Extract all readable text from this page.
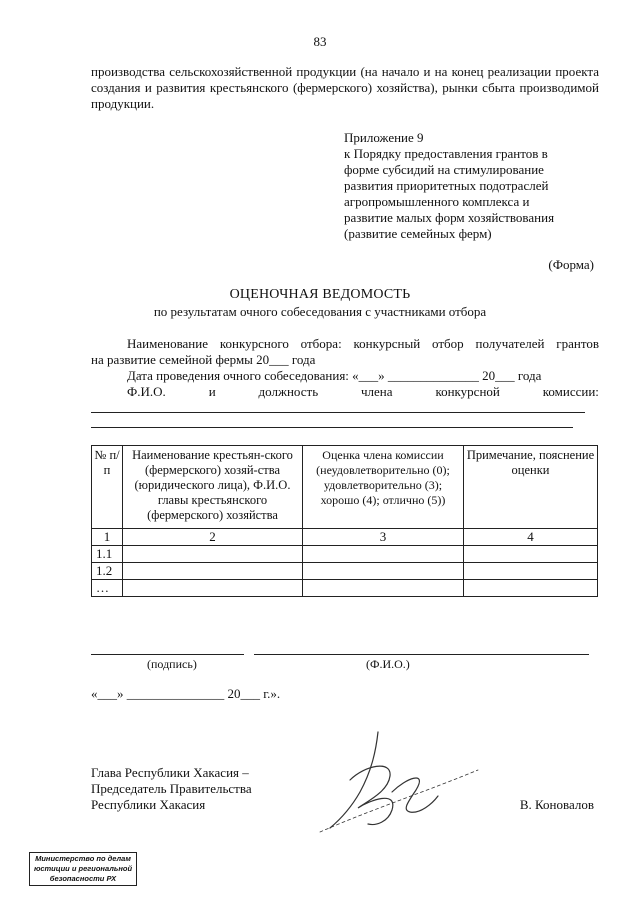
83
производства сельскохозяйственной продукции (на начало и на конец реализации проекта создания и развития крестьянского (фермерского) хозяйства), рынки сбыта производимой продукции.
Приложение 9
к Порядку предоставления грантов в
форме субсидий на стимулирование
развития приоритетных подотраслей
агропромышленного комплекса и
развитие малых форм хозяйствования
(развитие семейных ферм)
(Форма)
ОЦЕНОЧНАЯ ВЕДОМОСТЬ
по результатам очного собеседования с участниками отбора
Наименование конкурсного отбора: конкурсный отбор получателей грантов
на развитие семейной фермы 20___ года
Дата проведения очного собеседования: «___» ______________ 20___ года
Ф.И.О.	и	должность	члена	конкурсной	комиссии:
№ п/п	Наименование крестьян-ского (фермерского) хозяй-ства (юридического лица), Ф.И.О. главы крестьянского (фермерского) хозяйства	Оценка члена комиссии (неудовлетворительно (0); удовлетворительно (3); хорошо (4); отлично (5))	Примечание, пояснение оценки
1	2	3	4
1.1			
1.2			
…			
(подпись)	(Ф.И.О.)
«___» _______________ 20___ г.».
Глава Республики Хакасия –
Председатель Правительства
Республики Хакасия	В. Коновалов
Министерство по делам
юстиции и региональной
безопасности РХ
